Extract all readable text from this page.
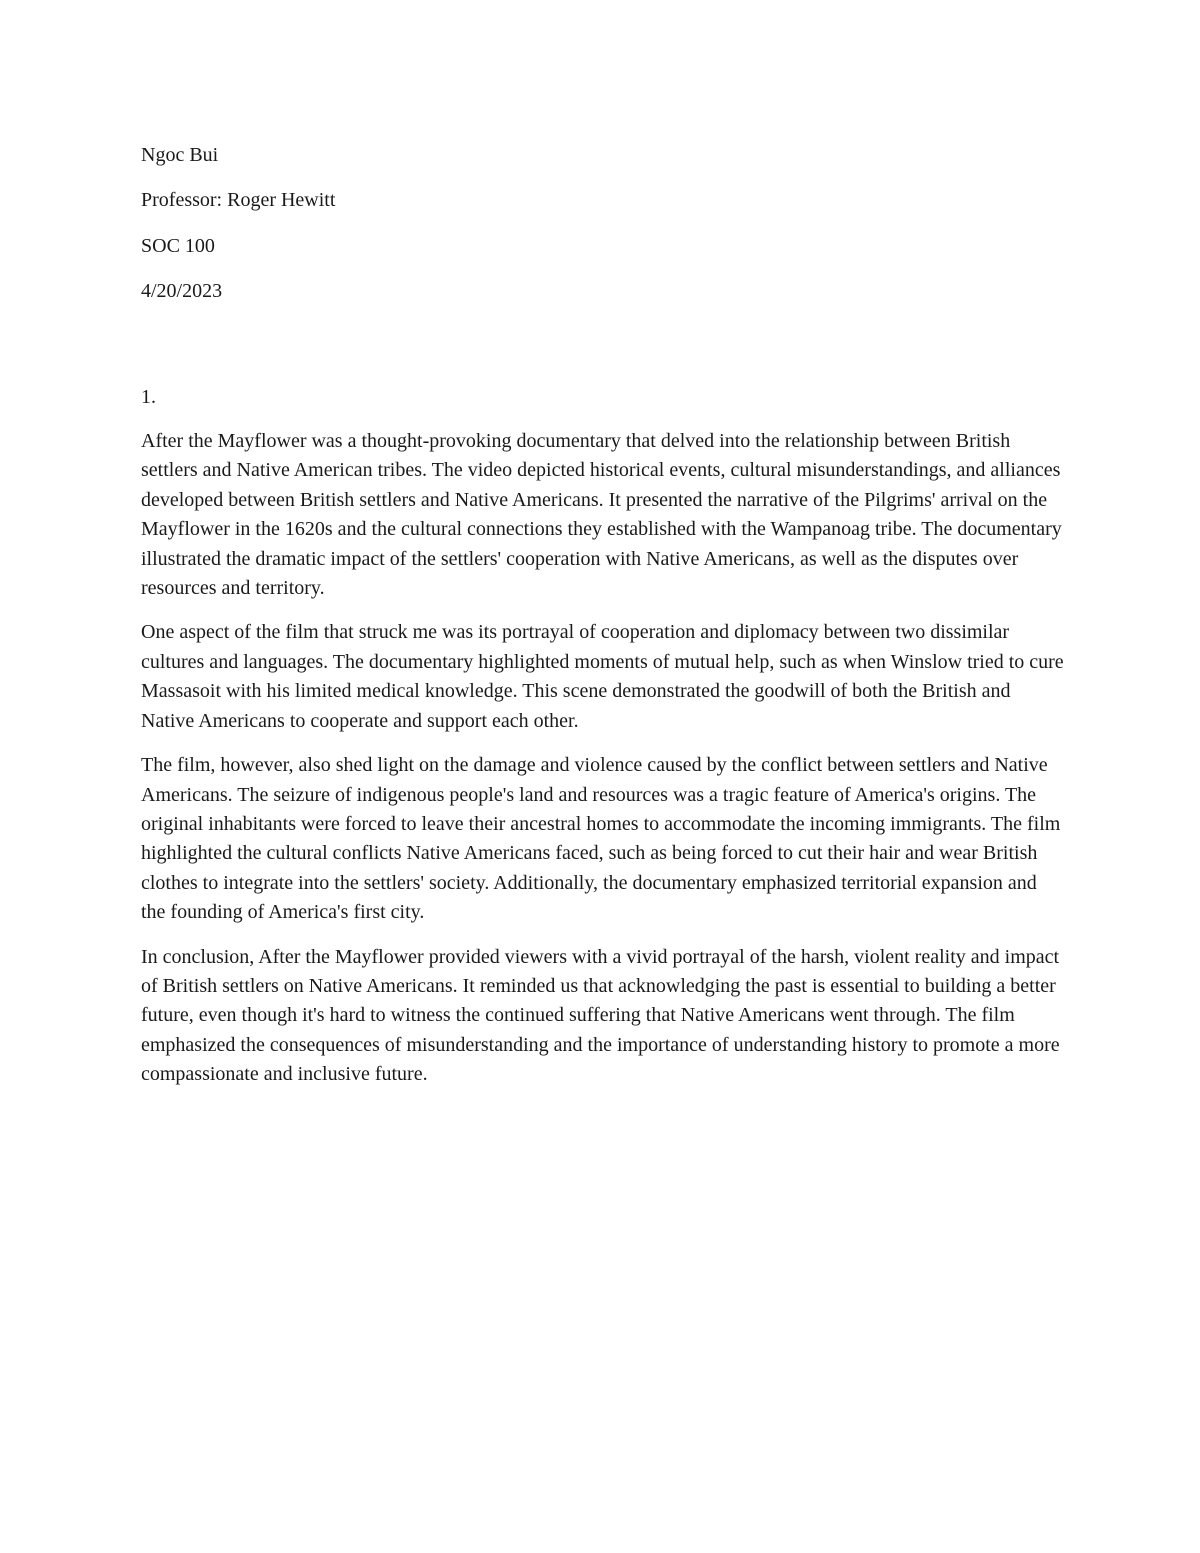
Ngoc Bui
Professor: Roger Hewitt
SOC 100
4/20/2023
1.

After the Mayflower was a thought-provoking documentary that delved into the relationship between British settlers and Native American tribes. The video depicted historical events, cultural misunderstandings, and alliances developed between British settlers and Native Americans. It presented the narrative of the Pilgrims' arrival on the Mayflower in the 1620s and the cultural connections they established with the Wampanoag tribe. The documentary illustrated the dramatic impact of the settlers' cooperation with Native Americans, as well as the disputes over resources and territory.

One aspect of the film that struck me was its portrayal of cooperation and diplomacy between two dissimilar cultures and languages. The documentary highlighted moments of mutual help, such as when Winslow tried to cure Massasoit with his limited medical knowledge. This scene demonstrated the goodwill of both the British and Native Americans to cooperate and support each other.

The film, however, also shed light on the damage and violence caused by the conflict between settlers and Native Americans. The seizure of indigenous people's land and resources was a tragic feature of America's origins. The original inhabitants were forced to leave their ancestral homes to accommodate the incoming immigrants. The film highlighted the cultural conflicts Native Americans faced, such as being forced to cut their hair and wear British clothes to integrate into the settlers' society. Additionally, the documentary emphasized territorial expansion and the founding of America's first city.

In conclusion, After the Mayflower provided viewers with a vivid portrayal of the harsh, violent reality and impact of British settlers on Native Americans. It reminded us that acknowledging the past is essential to building a better future, even though it's hard to witness the continued suffering that Native Americans went through. The film emphasized the consequences of misunderstanding and the importance of understanding history to promote a more compassionate and inclusive future.
